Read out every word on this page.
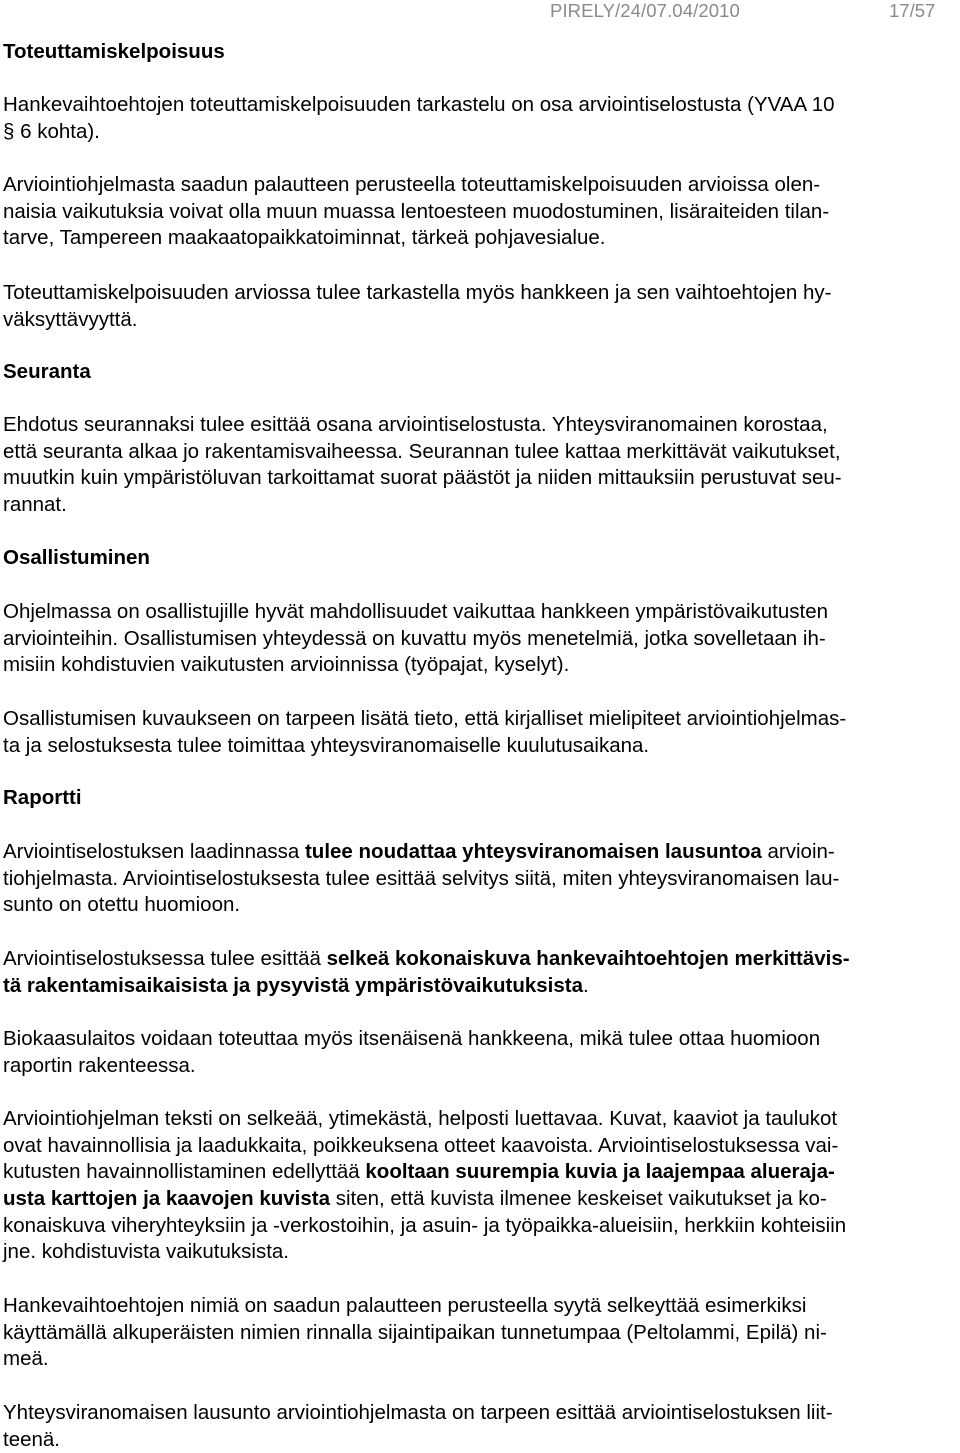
PIRELY/24/07.04/2010	17/57
Toteuttamiskelpoisuus
Hankevaihtoehtojen toteuttamiskelpoisuuden tarkastelu on osa arviointiselostusta (YVAA 10
§ 6 kohta).
Arviointiohjelmasta saadun palautteen perusteella toteuttamiskelpoisuuden arvioissa olen-
naisia vaikutuksia voivat olla muun muassa lentoesteen muodostuminen, lisäraiteiden tilan-
tarve, Tampereen maakaatopaikkatoiminnat, tärkeä pohjavesialue.
Toteuttamiskelpoisuuden arviossa tulee tarkastella myös hankkeen ja sen vaihtoehtojen hy-
väksyttävyyttä.
Seuranta
Ehdotus seurannaksi tulee esittää osana arviointiselostusta. Yhteysviranomainen korostaa,
että seuranta alkaa jo rakentamisvaiheessa. Seurannan tulee kattaa merkittävät vaikutukset,
muutkin kuin ympäristöluvan tarkoittamat suorat päästöt ja niiden mittauksiin perustuvat seu-
rannat.
Osallistuminen
Ohjelmassa on osallistujille hyvät mahdollisuudet vaikuttaa hankkeen ympäristövaikutusten
arviointeihin. Osallistumisen yhteydessä on kuvattu myös menetelmiä, jotka sovelletaan ih-
misiin kohdistuvien vaikutusten arvioinnissa (työpajat, kyselyt).
Osallistumisen kuvaukseen on tarpeen lisätä tieto, että kirjalliset mielipiteet arviointiohjelmas-
ta ja selostuksesta tulee toimittaa yhteysviranomaiselle kuulutusaikana.
Raportti
Arviointiselostuksen laadinnassa tulee noudattaa yhteysviranomaisen lausuntoa arvioin-
tiohjelmasta. Arviointiselostuksesta tulee esittää selvitys siitä, miten yhteysviranomaisen lau-
sunto on otettu huomioon.
Arviointiselostuksessa tulee esittää selkeä kokonaiskuva hankevaihtoehtojen merkittävis-
tä rakentamisaikaisista ja pysyvistä ympäristövaikutuksista.
Biokaasulaitos voidaan toteuttaa myös itsenäisenä hankkeena, mikä tulee ottaa huomioon
raportin rakenteessa.
Arviointiohjelman teksti on selkeää, ytimekästä, helposti luettavaa. Kuvat, kaaviot ja taulukot
ovat havainnollisia ja laadukkaita, poikkeuksena otteet kaavoista. Arviointiselostuksessa vai-
kutusten havainnollistaminen edellyttää kooltaan suurempia kuvia ja laajempaa alueraja-
usta karttojen ja kaavojen kuvista siten, että kuvista ilmenee keskeiset vaikutukset ja ko-
konaiskuva viheryhteyksiin ja -verkostoihin, ja asuin- ja työpaikka-alueisiin, herkkiin kohteisiin
jne. kohdistuvista vaikutuksista.
Hankevaihtoehtojen nimiä on saadun palautteen perusteella syytä selkeyttää esimerkiksi
käyttämällä alkuperäisten nimien rinnalla sijaintipaikan tunnetumpaa (Peltolammi, Epilä) ni-
meä.
Yhteysviranomaisen lausunto arviointiohjelmasta on tarpeen esittää arviointiselostuksen liit-
teenä.
